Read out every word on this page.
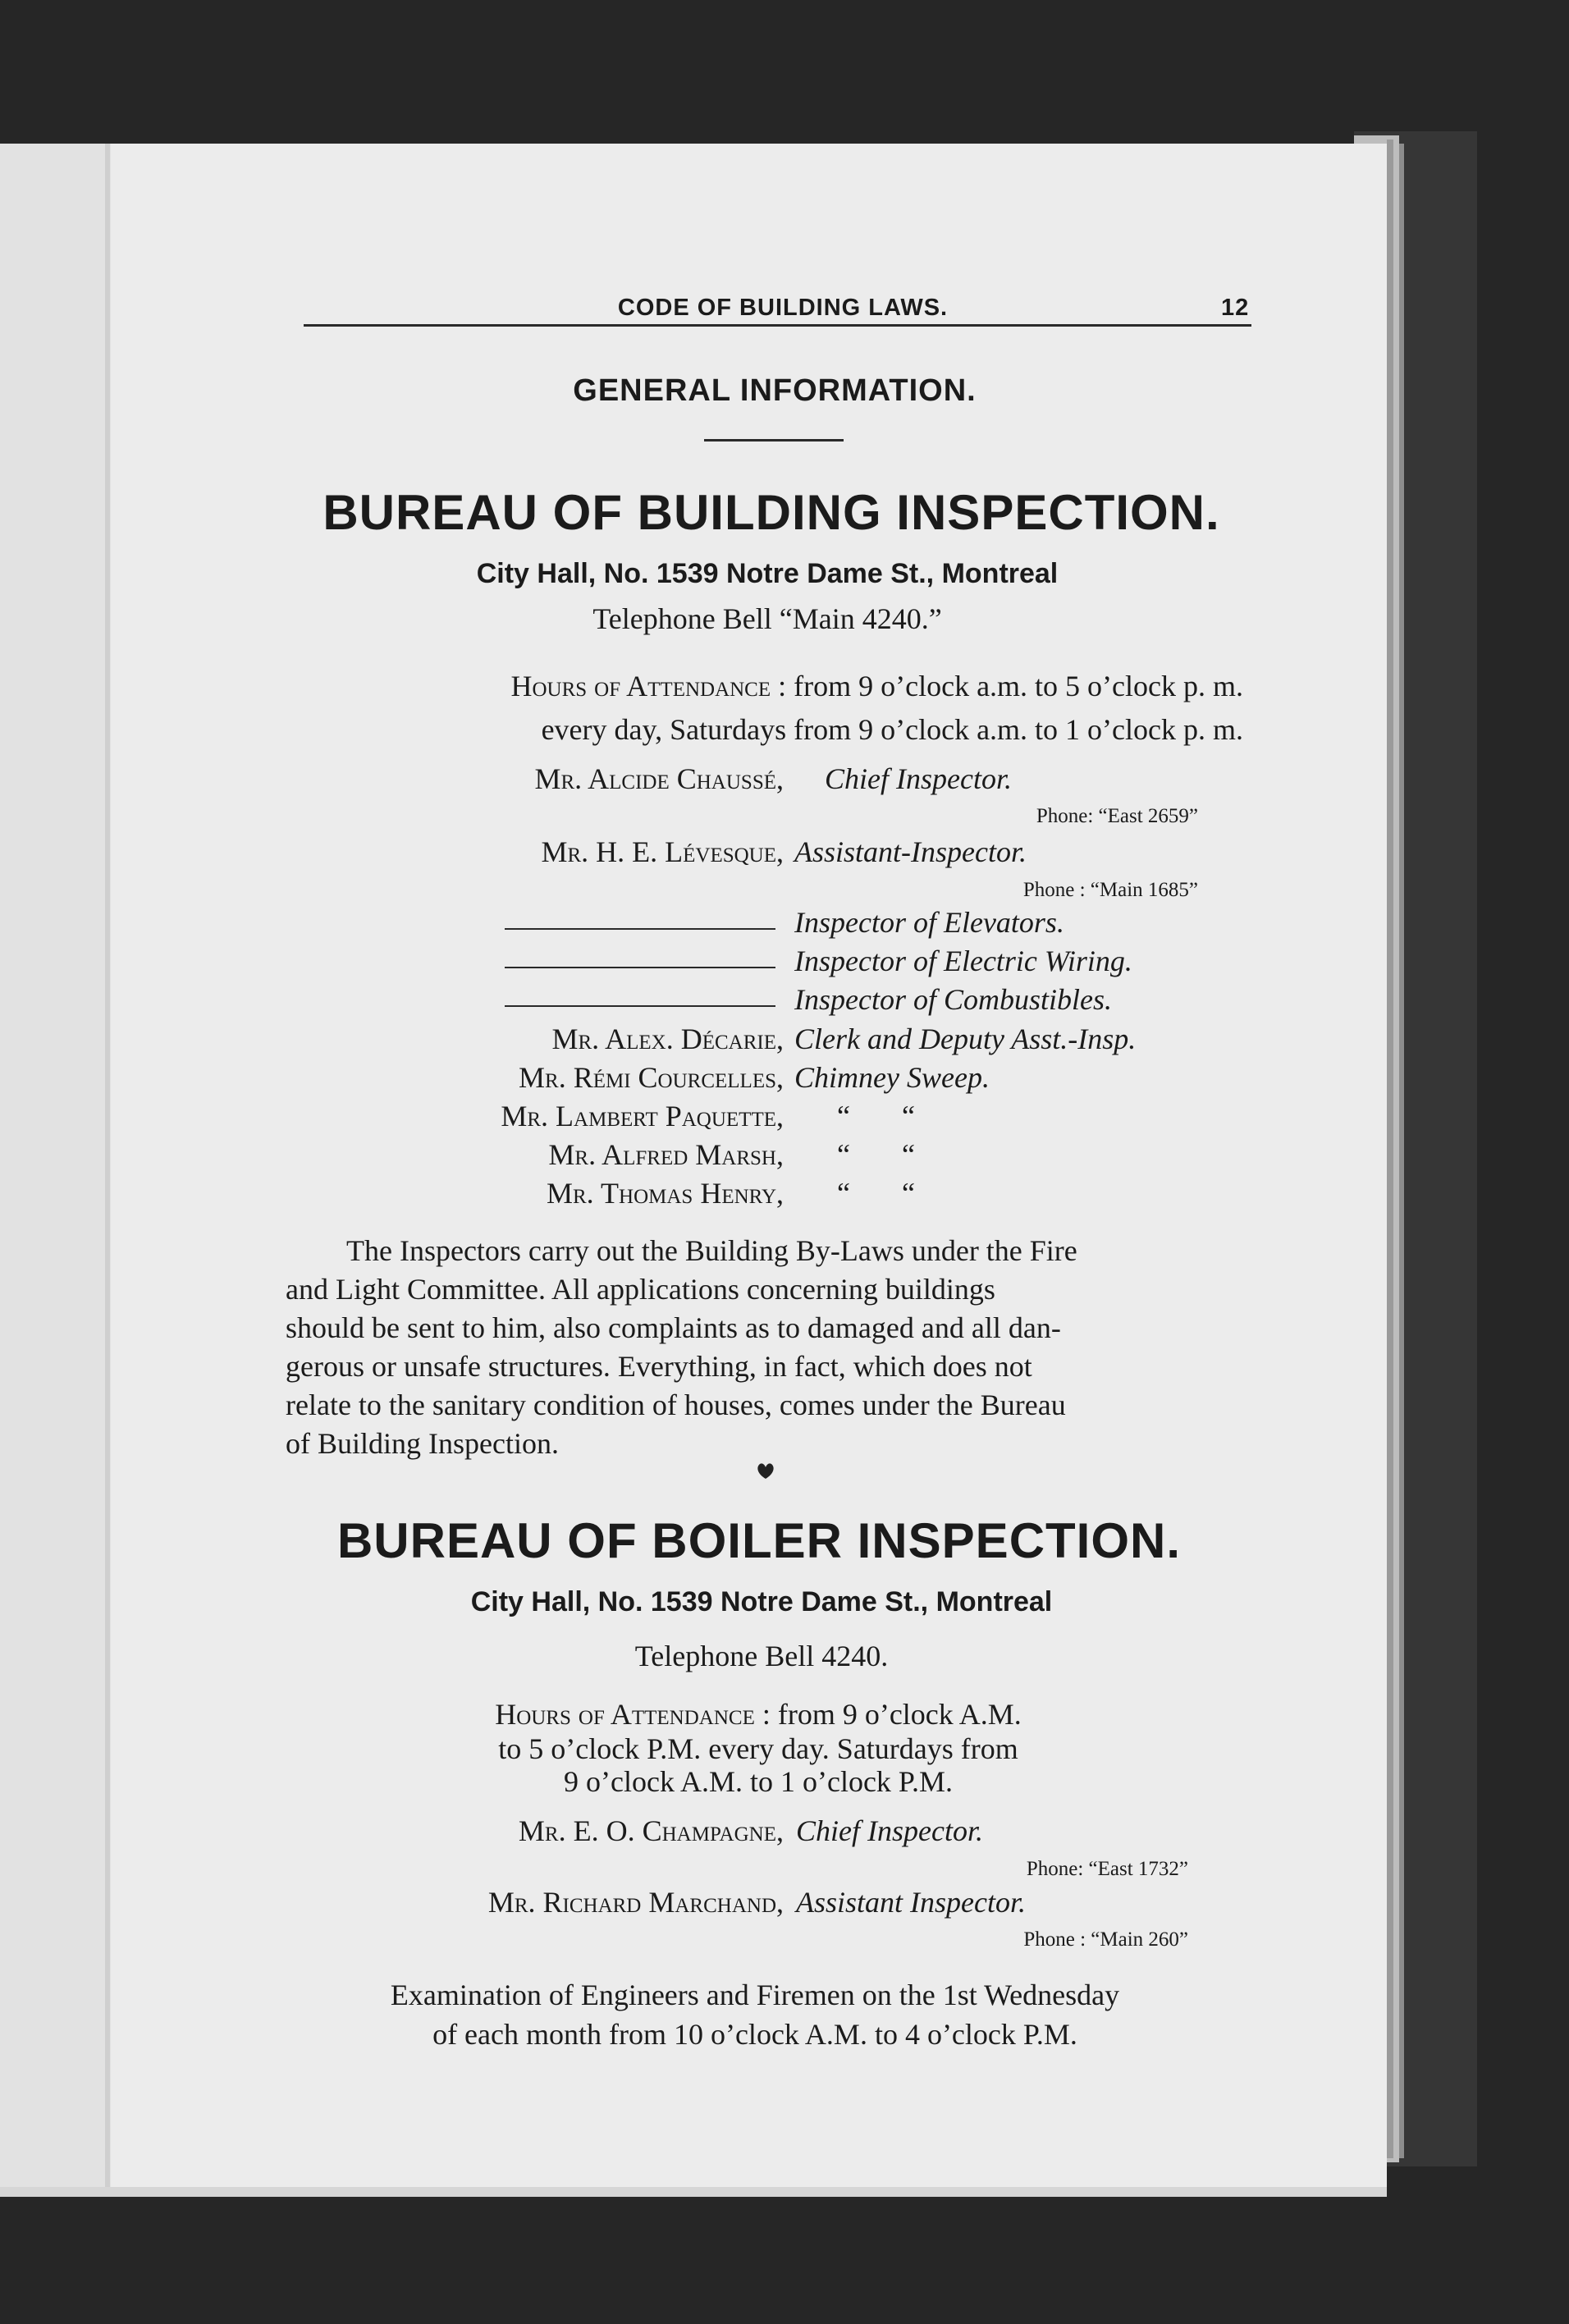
CODE OF BUILDING LAWS.	12
GENERAL INFORMATION.
BUREAU OF BUILDING INSPECTION.
City Hall, No. 1539 Notre Dame St., Montreal
Telephone Bell “Main 4240.”
Hours of Attendance : from 9 o’clock a.m. to 5 o’clock p. m.
every day, Saturdays from 9 o’clock a.m. to 1 o’clock p. m.
Mr. Alcide Chaussé, Chief Inspector.
Phone: “East 2659”
Mr. H. E. Lévesque, Assistant-Inspector.
Phone : “Main 1685”
Inspector of Elevators.
Inspector of Electric Wiring.
Inspector of Combustibles.
Mr. Alex. Décarie, Clerk and Deputy Asst.-Insp.
Mr. Rémi Courcelles, Chimney Sweep.
Mr. Lambert Paquette, “       “
Mr. Alfred Marsh, “       “
Mr. Thomas Henry, “       “
The Inspectors carry out the Building By-Laws under the Fire
and Light Committee. All applications concerning buildings
should be sent to him, also complaints as to damaged and all dan-
gerous or unsafe structures. Everything, in fact, which does not
relate to the sanitary condition of houses, comes under the Bureau
of Building Inspection.
BUREAU OF BOILER INSPECTION.
City Hall, No. 1539 Notre Dame St., Montreal
Telephone Bell 4240.
Hours of Attendance : from 9 o’clock A.M.
to 5 o’clock P.M. every day. Saturdays from
9 o’clock A.M. to 1 o’clock P.M.
Mr. E. O. Champagne, Chief Inspector.
Phone: “East 1732”
Mr. Richard Marchand, Assistant Inspector.
Phone : “Main 260”
Examination of Engineers and Firemen on the 1st Wednesday
of each month from 10 o’clock A.M. to 4 o’clock P.M.
